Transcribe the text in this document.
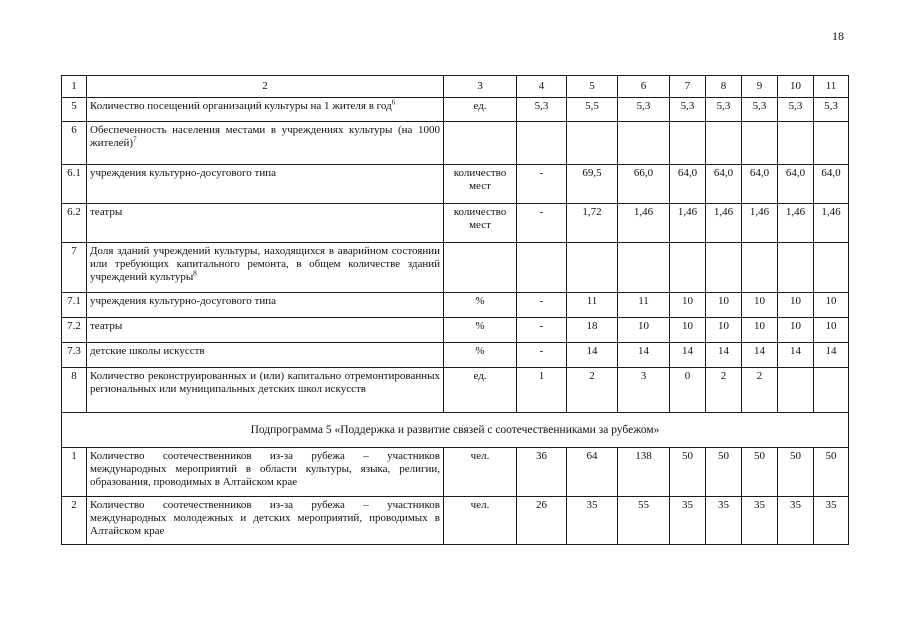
18
1	2	3	4	5	6	7	8	9	10	11
5	Количество посещений организаций культуры на 1 жителя в год$^6$	ед.	5,3	5,5	5,3	5,3	5,3	5,3	5,3	5,3
6	Обеспеченность населения местами в учреждениях культуры (на 1000 жителей)$^7$									
6.1	учреждения культурно-досугового типа	количество мест	-	69,5	66,0	64,0	64,0	64,0	64,0	64,0
6.2	театры	количество мест	-	1,72	1,46	1,46	1,46	1,46	1,46	1,46
7	Доля зданий учреждений культуры, находящихся в аварийном состоянии или требующих капитального ремонта, в общем количестве зданий учреждений культуры$^8$									
7.1	учреждения культурно-досугового типа	%	-	11	11	10	10	10	10	10
7.2	театры	%	-	18	10	10	10	10	10	10
7.3	детские школы искусств	%	-	14	14	14	14	14	14	14
8	Количество реконструированных и (или) капитально отремонтированных региональных или муниципальных детских школ искусств	ед.	1	2	3	0	2	2		
Подпрограмма 5 «Поддержка и развитие связей с соотечественниками за рубежом»										
1	Количество соотечественников из-за рубежа – участников международных мероприятий в области культуры, языка, религии, образования, проводимых в Алтайском крае	чел.	36	64	138	50	50	50	50	50
2	Количество соотечественников из-за рубежа – участников международных молодежных и детских мероприятий, проводимых в Алтайском крае	чел.	26	35	55	35	35	35	35	35
